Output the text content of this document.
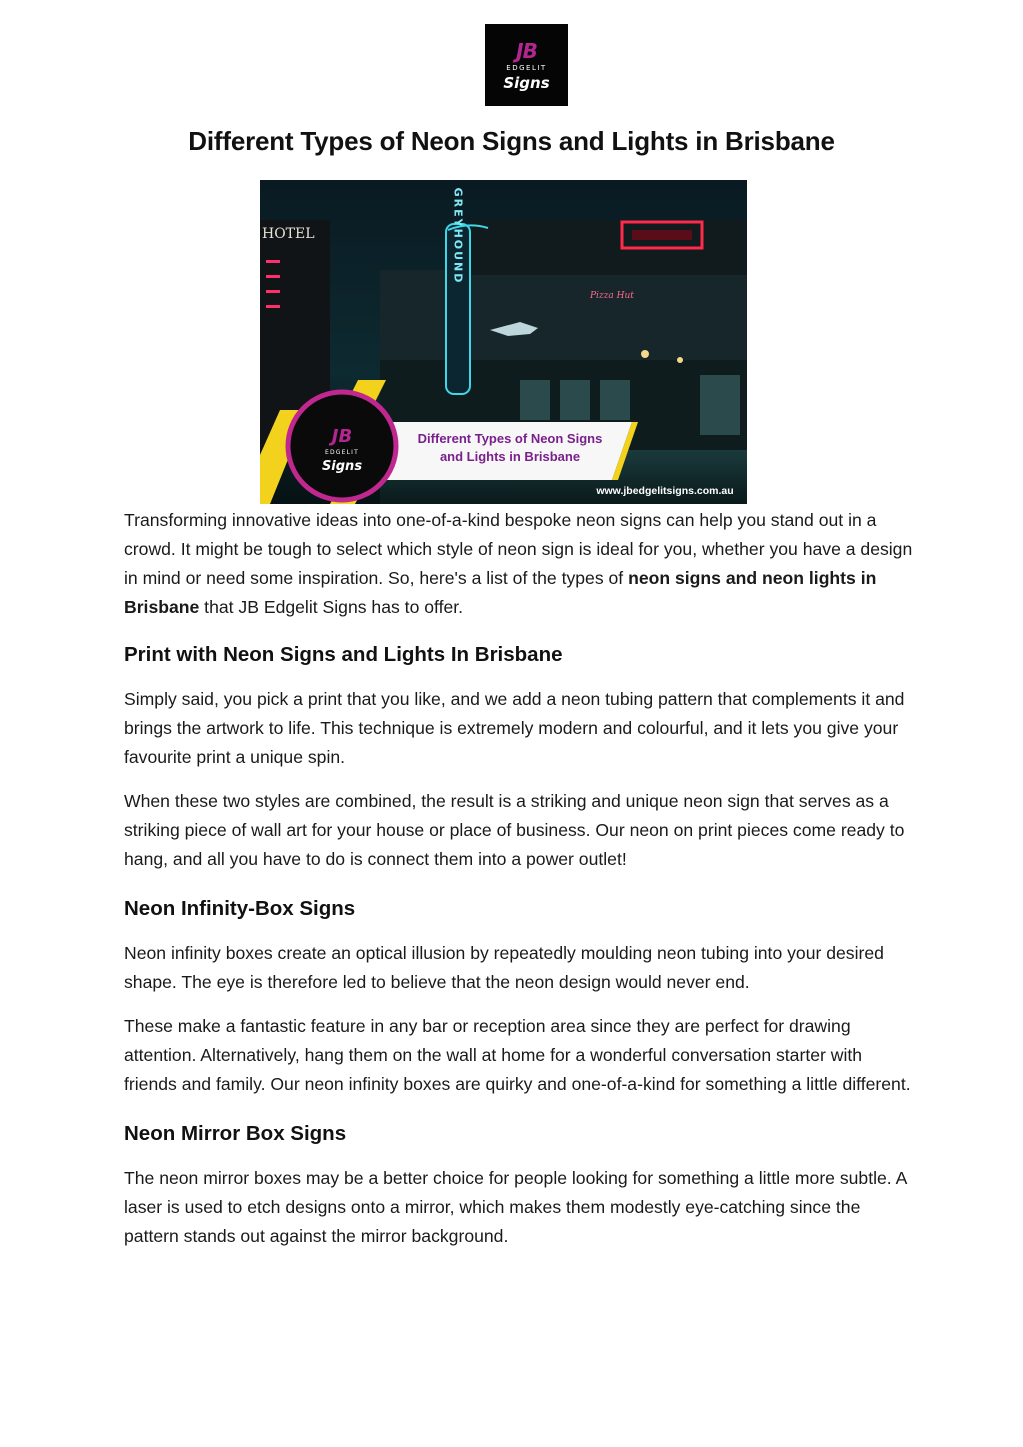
JB
EDGELIT
Signs
Different Types of Neon Signs and Lights in Brisbane
HOTEL	GREYHOUND
Pizza Hut
Different Types of Neon Signs
and Lights in Brisbane
JB
EDGELIT
Signs
www.jbedgelitsigns.com.au

Transforming innovative ideas into one-of-a-kind bespoke neon signs can help you stand out in a crowd. It might be tough to select which style of neon sign is ideal for you, whether you have a design in mind or need some inspiration. So, here's a list of the types of neon signs and neon lights in Brisbane that JB Edgelit Signs has to offer.

Print with Neon Signs and Lights In Brisbane

Simply said, you pick a print that you like, and we add a neon tubing pattern that complements it and brings the artwork to life. This technique is extremely modern and colourful, and it lets you give your favourite print a unique spin.

When these two styles are combined, the result is a striking and unique neon sign that serves as a striking piece of wall art for your house or place of business. Our neon on print pieces come ready to hang, and all you have to do is connect them into a power outlet!

Neon Infinity-Box Signs

Neon infinity boxes create an optical illusion by repeatedly moulding neon tubing into your desired shape. The eye is therefore led to believe that the neon design would never end.

These make a fantastic feature in any bar or reception area since they are perfect for drawing attention. Alternatively, hang them on the wall at home for a wonderful conversation starter with friends and family. Our neon infinity boxes are quirky and one-of-a-kind for something a little different.

Neon Mirror Box Signs

The neon mirror boxes may be a better choice for people looking for something a little more subtle. A laser is used to etch designs onto a mirror, which makes them modestly eye-catching since the pattern stands out against the mirror background.
